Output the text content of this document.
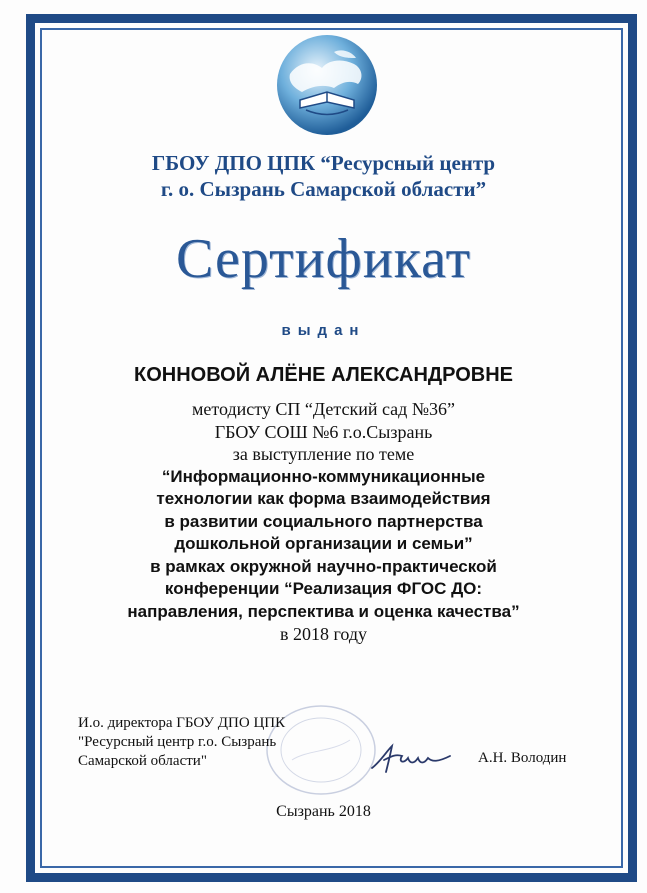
ГБОУ ДПО ЦПК “Ресурсный центр
г. о. Сызрань Самарской области”
Сертификат
выдан
КОННОВОЙ АЛЁНЕ АЛЕКСАНДРОВНЕ
методисту СП “Детский сад №36”
ГБОУ СОШ №6 г.о.Сызрань
за выступление по теме
“Информационно-коммуникационные
технологии как форма взаимодействия
в развитии социального партнерства
дошкольной организации и семьи”
в рамках окружной научно-практической
конференции “Реализация ФГОС ДО:
направления, перспектива и оценка качества”
в 2018 году
И.о. директора ГБОУ ДПО ЦПК
"Ресурсный центр г.о. Сызрань
Самарской области"	А.Н. Володин
Сызрань 2018
